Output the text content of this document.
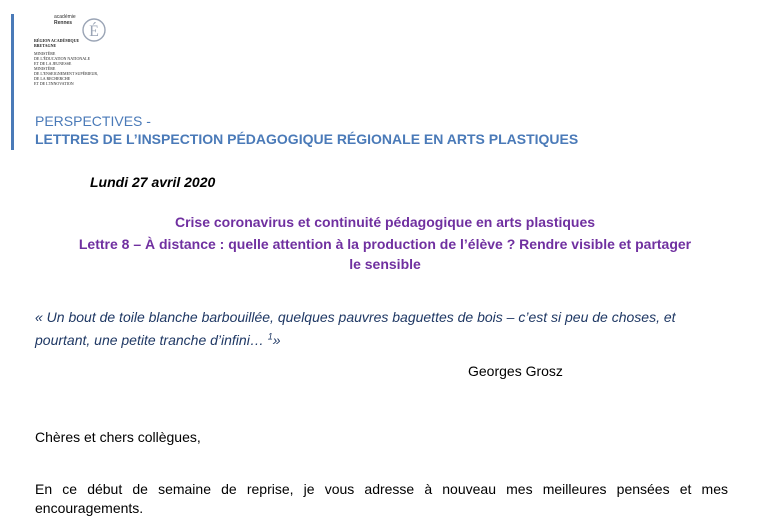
É
académie
Rennes
RÉGION ACADÉMIQUE
BRETAGNE
MINISTÈRE
DE L'ÉDUCATION NATIONALE
ET DE LA JEUNESSE
MINISTÈRE
DE L'ENSEIGNEMENT SUPÉRIEUR,
DE LA RECHERCHE
ET DE L'INNOVATION
PERSPECTIVES -
LETTRES DE L’INSPECTION PÉDAGOGIQUE RÉGIONALE EN ARTS PLASTIQUES
Lundi 27 avril 2020
Crise coronavirus et continuité pédagogique en arts plastiques
Lettre 8 – À distance : quelle attention à la production de l’élève ? Rendre visible et partager
le sensible
« Un bout de toile blanche barbouillée, quelques pauvres baguettes de bois – c’est si peu de choses, et
pourtant, une petite tranche d’infini… $^1$»
Georges Grosz
Chères et chers collègues,
En ce début de semaine de reprise, je vous adresse à nouveau mes meilleures pensées et mes
encouragements.
